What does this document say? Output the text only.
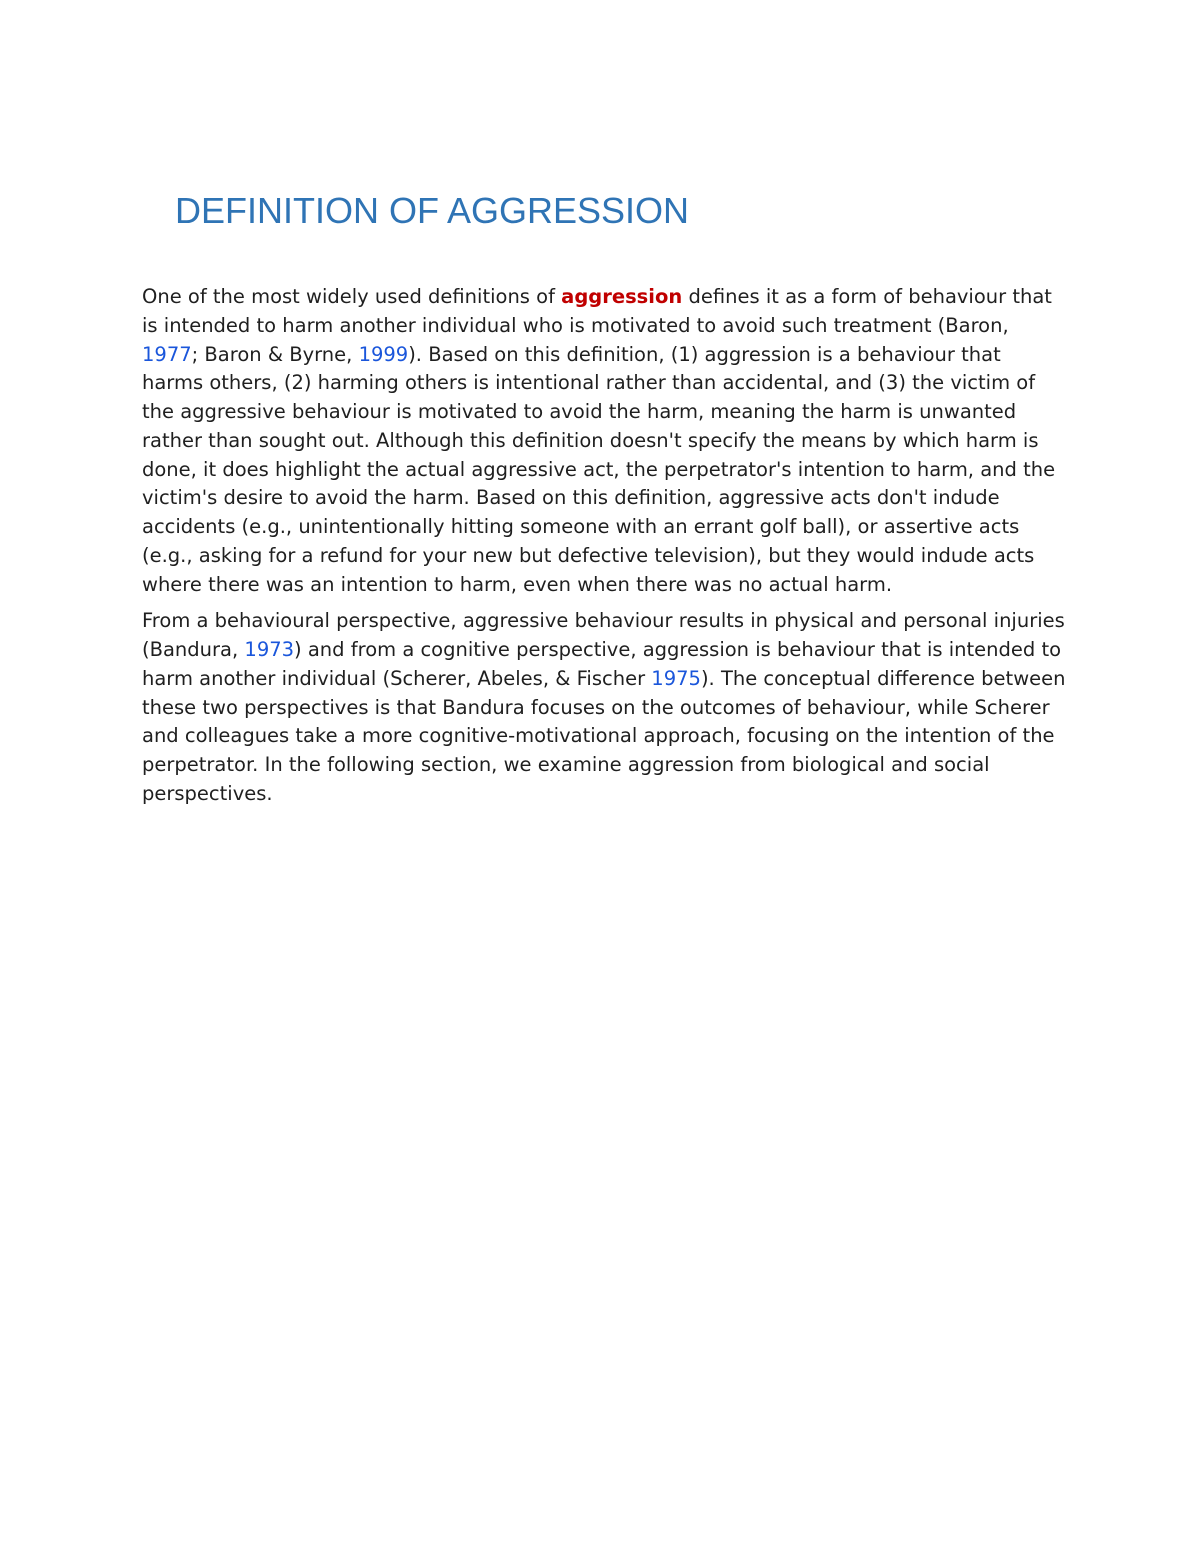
DEFINITION OF AGGRESSION

One of the most widely used definitions of aggression defines it as a form of behaviour that is intended to harm another individual who is motivated to avoid such treatment (Baron, 1977; Baron & Byrne, 1999). Based on this definition, (1) aggression is a behaviour that harms others, (2) harming others is intentional rather than accidental, and (3) the victim of the aggressive behaviour is motivated to avoid the harm, meaning the harm is unwanted rather than sought out. Although this definition doesn't specify the means by which harm is done, it does highlight the actual aggressive act, the perpetrator's intention to harm, and the victim's desire to avoid the harm. Based on this definition, aggressive acts don't indude accidents (e.g., unintentionally hitting someone with an errant golf ball), or assertive acts (e.g., asking for a refund for your new but defective television), but they would indude acts where there was an intention to harm, even when there was no actual harm.

From a behavioural perspective, aggressive behaviour results in physical and personal injuries (Bandura, 1973) and from a cognitive perspective, aggression is behaviour that is intended to harm another individual (Scherer, Abeles, & Fischer 1975). The conceptual difference between these two perspectives is that Bandura focuses on the outcomes of behaviour, while Scherer and colleagues take a more cognitive-motivational approach, focusing on the intention of the perpetrator. In the following section, we examine aggression from biological and social perspectives.
